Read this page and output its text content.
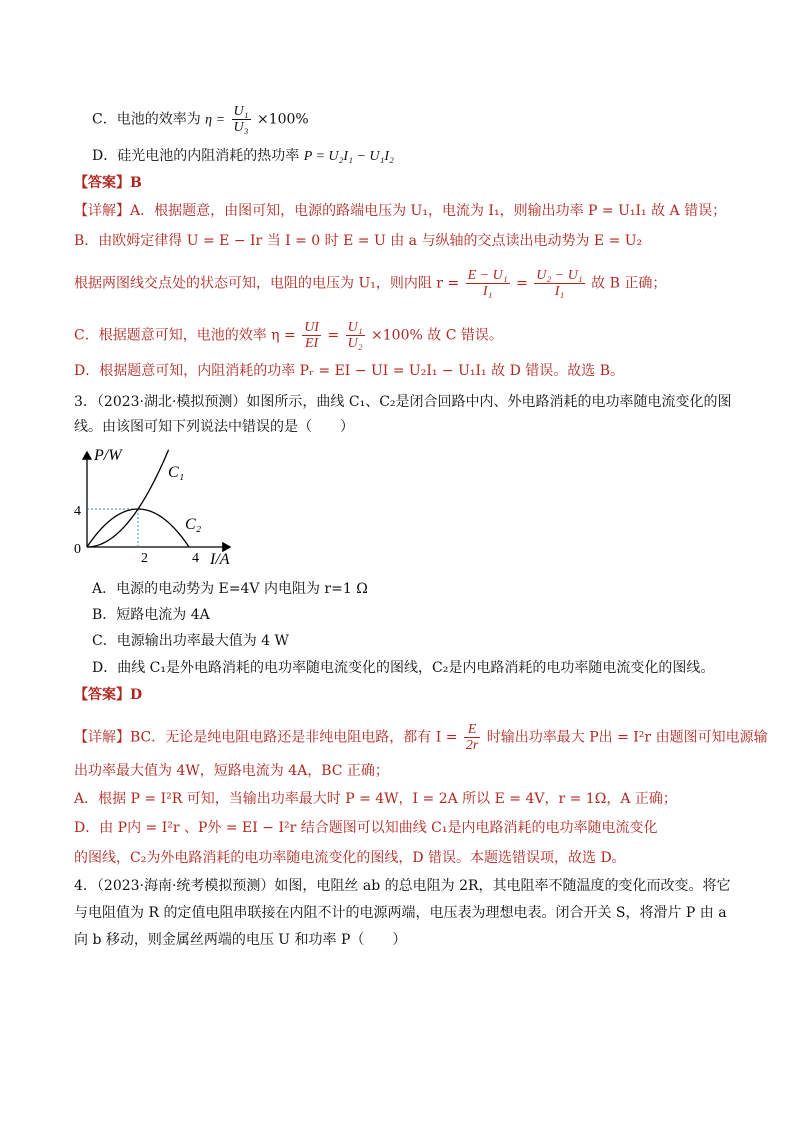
C．电池的效率为 $\eta = \frac{\text{U₁}}{\text{U₃}} \times 100\%$
D．硅光电池的内阻消耗的热功率 P = U₂I₁ − U₁I₂
【答案】B
【详解】A．根据题意，由图可知，电源的路端电压为 U₁，电流为 I₁，则输出功率 P = U₁I₁ 故 A 错误；
B．由欧姆定律得 U = E − Ir 当 I = 0 时 E = U 由 a 与纵轴的交点读出电动势为 E = U₂
根据两图线交点处的状态可知，电阻的电压为 U₁，则内阻 $r = \frac{\text{E − U₁}}{\text{I₁}} = \frac{\text{U₂ − U₁}}{\text{I₁}}$ 故 B 正确；
C．根据题意可知，电池的效率 $\eta = \frac{UI}{EI} = \frac{\text{U₁}}{\text{U₂}} \times 100\%$ 故 C 错误。
D．根据题意可知，内阻消耗的功率 Pᵣ = EI − UI = U₂I₁ − U₁I₁ 故 D 错误。故选 B。
3．（2023·湖北·模拟预测）如图所示，曲线 C₁、C₂是闭合回路中内、外电路消耗的电功率随电流变化的图
线。由该图可知下列说法中错误的是（　　）
P/W
I/A
0
4
2	4
C₁
C₂
A．电源的电动势为 E=4V 内电阻为 r=1 Ω
B．短路电流为 4A
C．电源输出功率最大值为 4 W
D．曲线 C₁是外电路消耗的电功率随电流变化的图线，C₂是内电路消耗的电功率随电流变化的图线。
【答案】D
【详解】BC．无论是纯电阻电路还是非纯电阻电路，都有 $I = \frac{E}{2r}$ 时输出功率最大 P出 = I²r 由题图可知电源输
出功率最大值为 4W，短路电流为 4A，BC 正确；
A．根据 P = I²R 可知，当输出功率最大时 P = 4W，I = 2A 所以 E = 4V，r = 1Ω，A 正确；
D．由 P内 = I²r 、P外 = EI − I²r 结合题图可以知曲线 C₁是内电路消耗的电功率随电流变化
的图线，C₂为外电路消耗的电功率随电流变化的图线，D 错误。本题选错误项，故选 D。
4．（2023·海南·统考模拟预测）如图，电阻丝 ab 的总电阻为 2R，其电阻率不随温度的变化而改变。将它
与电阻值为 R 的定值电阻串联接在内阻不计的电源两端，电压表为理想电表。闭合开关 S，将滑片 P 由 a
向 b 移动，则金属丝两端的电压 U 和功率 P（　　）
